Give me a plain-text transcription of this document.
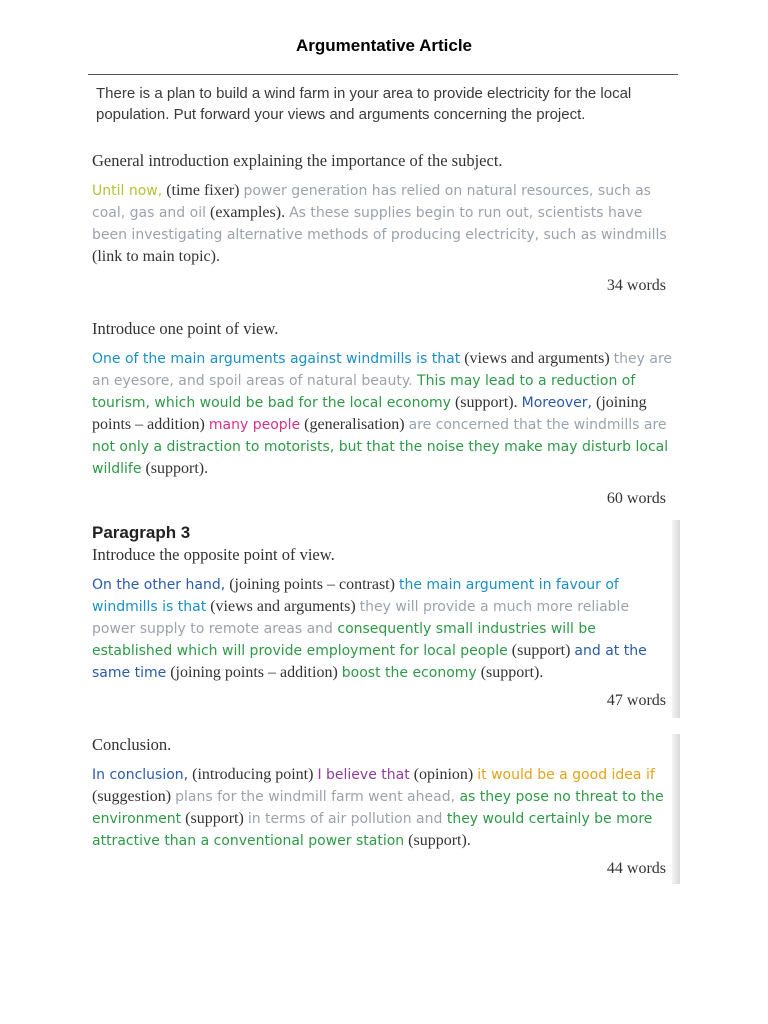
Argumentative Article

There is a plan to build a wind farm in your area to provide electricity for the local population. Put forward your views and arguments concerning the project.

General introduction explaining the importance of the subject.

Until now, (time fixer) power generation has relied on natural resources, such as coal, gas and oil (examples). As these supplies begin to run out, scientists have been investigating alternative methods of producing electricity, such as windmills (link to main topic).

34 words

Introduce one point of view.

One of the main arguments against windmills is that (views and arguments) they are an eyesore, and spoil areas of natural beauty. This may lead to a reduction of tourism, which would be bad for the local economy (support). Moreover, (joining points – addition) many people (generalisation) are concerned that the windmills are not only a distraction to motorists, but that the noise they make may disturb local wildlife (support).

60 words

Paragraph 3

Introduce the opposite point of view.

On the other hand, (joining points – contrast) the main argument in favour of windmills is that (views and arguments) they will provide a much more reliable power supply to remote areas and consequently small industries will be established which will provide employment for local people (support) and at the same time (joining points – addition) boost the economy (support).

47 words

Conclusion.

In conclusion, (introducing point) I believe that (opinion) it would be a good idea if (suggestion) plans for the windmill farm went ahead, as they pose no threat to the environment (support) in terms of air pollution and they would certainly be more attractive than a conventional power station (support).

44 words
